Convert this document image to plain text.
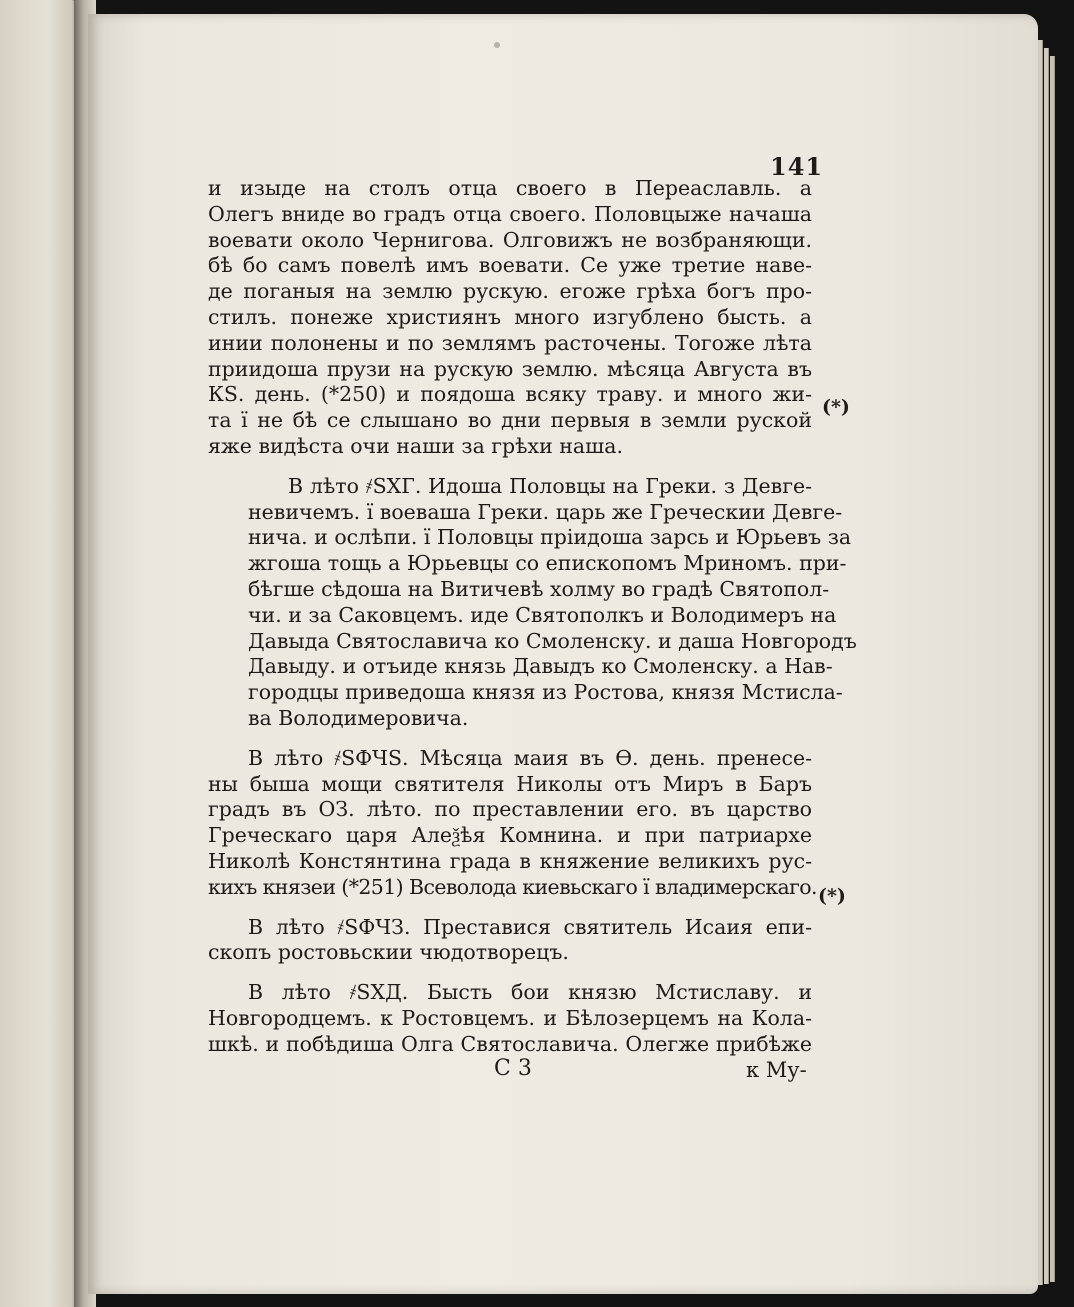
141
и изыде на столъ отца своего в Переаславль. а
Олегъ вниде во градъ отца своего. Половцыже начаша
воевати около Чернигова. Олговижъ не возбраняющи.
бѣ бо самъ повелѣ имъ воевати. Се уже третие наве-
де поганыя на землю рускую. егоже грѣха богъ про-
стилъ. понеже християнъ много изгублено бысть. а
инии полонены и по землямъ расточены. Тогоже лѣта
приидоша прузи на рускую землю. мѣсяца Августа въ
КЅ. день. (*250) и поядоша всяку траву. и много жи-
та ї не бѣ се слышано во дни первыя в земли руской
яже видѣста очи наши за грѣхи наша.
В лѣто ҂ЅХГ. Идоша Половцы на Греки. з Девге-
невичемъ. ї воеваша Греки. царь же Греческии Девге-
нича. и ослѣпи. ї Половцы пріидоша зарсь и Юрьевъ за
жгоша тощь а Юрьевцы со епископомъ Мриномъ. при-
бѣгше сѣдоша на Витичевѣ холму во градѣ Святопол-
чи. и за Саковцемъ. иде Святополкъ и Володимеръ на
Давыда Святославича ко Смоленску. и даша Новгородъ
Давыду. и отъиде князь Давыдъ ко Смоленску. а Нав-
городцы приведоша князя из Ростова, князя Мстисла-
ва Володимеровича.
В лѣто ҂ЅФЧЅ. Мѣсяца маия въ Ѳ. день. пренесе-
ны быша мощи святителя Николы отъ Миръ в Баръ
градъ въ ОЗ. лѣто. по преставлении его. въ царство
Греческаго царя Алеѯѣя Комнина. и при патриархе
Николѣ Констянтина града в княжение великихъ рус-
кихъ князеи (*251) Всеволода киевьскаго ї владимерскаго.
В лѣто ҂ЅФЧЗ. Преставися святитель Исаия епи-
скопъ ростовьскии чюдотворецъ.
В лѣто ҂ЅХД. Бысть бои князю Мстиславу. и
Новгородцемъ. к Ростовцемъ. и Бѣлозерцемъ на Кола-
шкѣ. и побѣдиша Олга Святославича. Олегже прибѣже
(*)
(*)
С 3	к Му-
